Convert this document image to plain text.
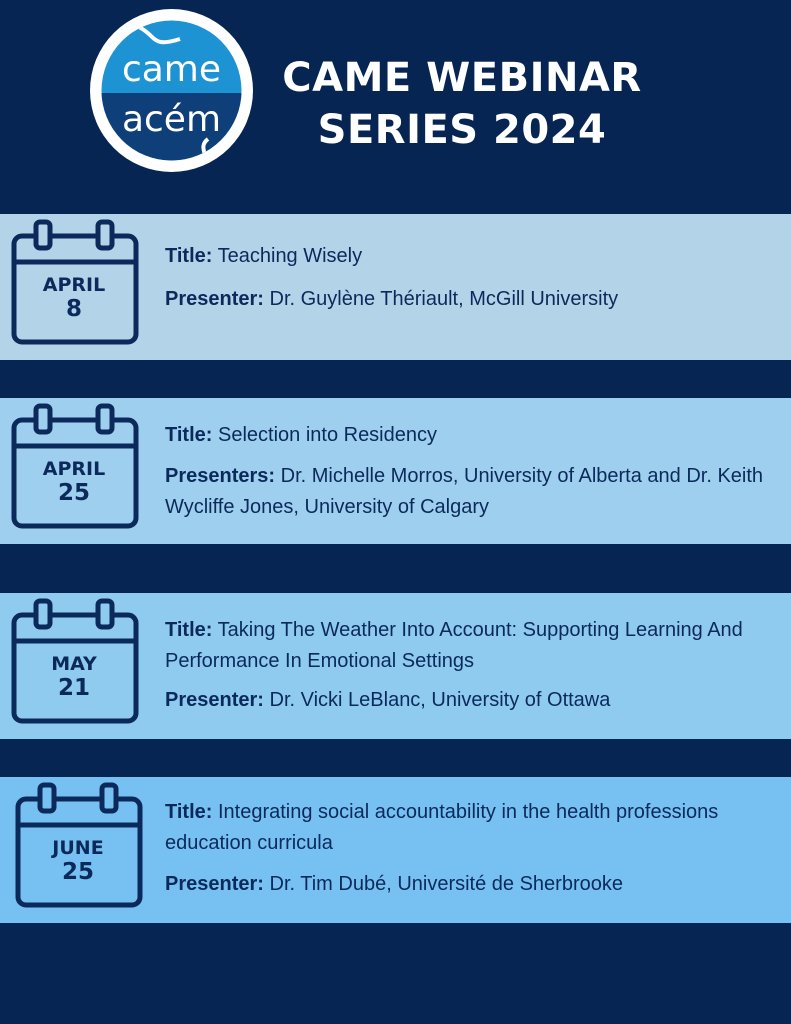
came
acém
CAME WEBINAR
SERIES 2024
APRIL
8

Title: Teaching Wisely

Presenter: Dr. Guylène Thériault, McGill University

APRIL
25

Title: Selection into Residency

Presenters: Dr. Michelle Morros, University of Alberta and Dr. Keith Wycliffe Jones, University of Calgary

MAY
21

Title: Taking The Weather Into Account: Supporting Learning And Performance In Emotional Settings

Presenter: Dr. Vicki LeBlanc, University of Ottawa

JUNE
25

Title: Integrating social accountability in the health professions education curricula

Presenter: Dr. Tim Dubé, Université de Sherbrooke
